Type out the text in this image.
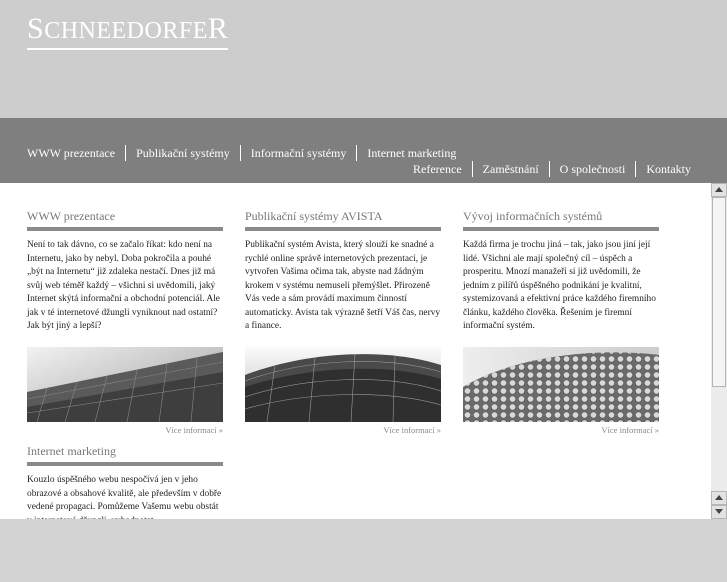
SCHNEEDORFER
WWW prezentace Publikační systémy Informační systémy Internet marketing
Reference Zaměstnání O společnosti Kontakty
WWW prezentace
Není to tak dávno, co se začalo říkat: kdo není na Internetu, jako by nebyl. Doba pokročila a pouhé „být na Internetu“ již zdaleka nestačí. Dnes již má svůj web téměř každý – všichni si uvědomili, jaký Internet skýtá informační a obchodní potenciál. Ale jak v té internetové džungli vyniknout nad ostatní? Jak být jiný a lepší?
Více informací »
Publikační systémy AVISTA
Publikační systém Avista, který slouží ke snadné a rychlé online správě internetových prezentací, je vytvořen Vašima očima tak, abyste nad žádným krokem v systému nemuseli přemýšlet. Přirozeně Vás vede a sám provádí maximum činností automaticky. Avista tak výrazně šetří Váš čas, nervy a finance.
Více informací »
Vývoj informačních systémů
Každá firma je trochu jiná – tak, jako jsou jiní její lidé. Všichni ale mají společný cíl – úspěch a prosperitu. Mnozí manažeři si již uvědomili, že jedním z pilířů úspěšného podnikání je kvalitní, systemizovaná a efektivní práce každého firemního článku, každého člověka. Řešením je firemní informační systém.
Více informací »
Internet marketing
Kouzlo úspěšného webu nespočívá jen v jeho obrazové a obsahové kvalitě, ale především v dobře vedené propagaci. Pomůžeme Vašemu webu obstát
